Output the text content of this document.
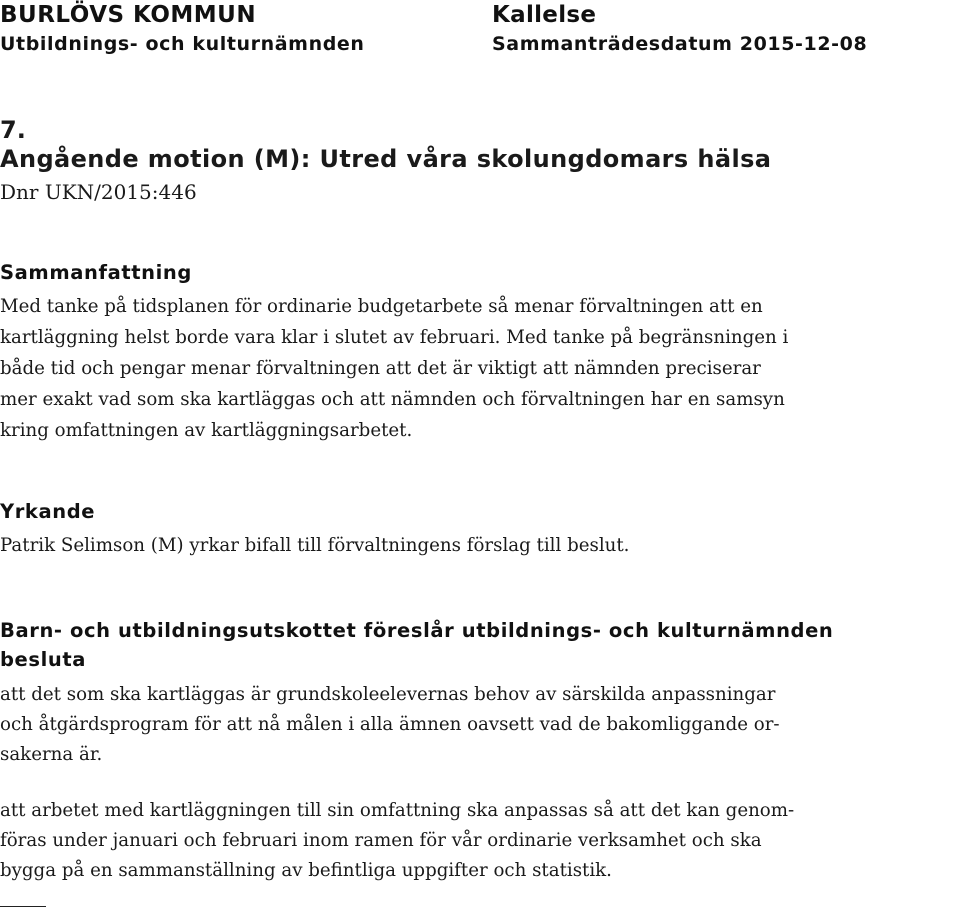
BURLÖVS KOMMUN	Kallelse
Utbildnings- och kulturnämnden	Sammanträdesdatum 2015-12-08
7.
Angående motion (M): Utred våra skolungdomars hälsa
Dnr UKN/2015:446
Sammanfattning
Med tanke på tidsplanen för ordinarie budgetarbete så menar förvaltningen att en
kartläggning helst borde vara klar i slutet av februari. Med tanke på begränsningen i
både tid och pengar menar förvaltningen att det är viktigt att nämnden preciserar
mer exakt vad som ska kartläggas och att nämnden och förvaltningen har en samsyn
kring omfattningen av kartläggningsarbetet.
Yrkande
Patrik Selimson (M) yrkar bifall till förvaltningens förslag till beslut.
Barn- och utbildningsutskottet föreslår utbildnings- och kulturnämnden
besluta
att det som ska kartläggas är grundskoleelevernas behov av särskilda anpassningar
och åtgärdsprogram för att nå målen i alla ämnen oavsett vad de bakomliggande or-
sakerna är.
att arbetet med kartläggningen till sin omfattning ska anpassas så att det kan genom-
föras under januari och februari inom ramen för vår ordinarie verksamhet och ska
bygga på en sammanställning av befintliga uppgifter och statistik.
